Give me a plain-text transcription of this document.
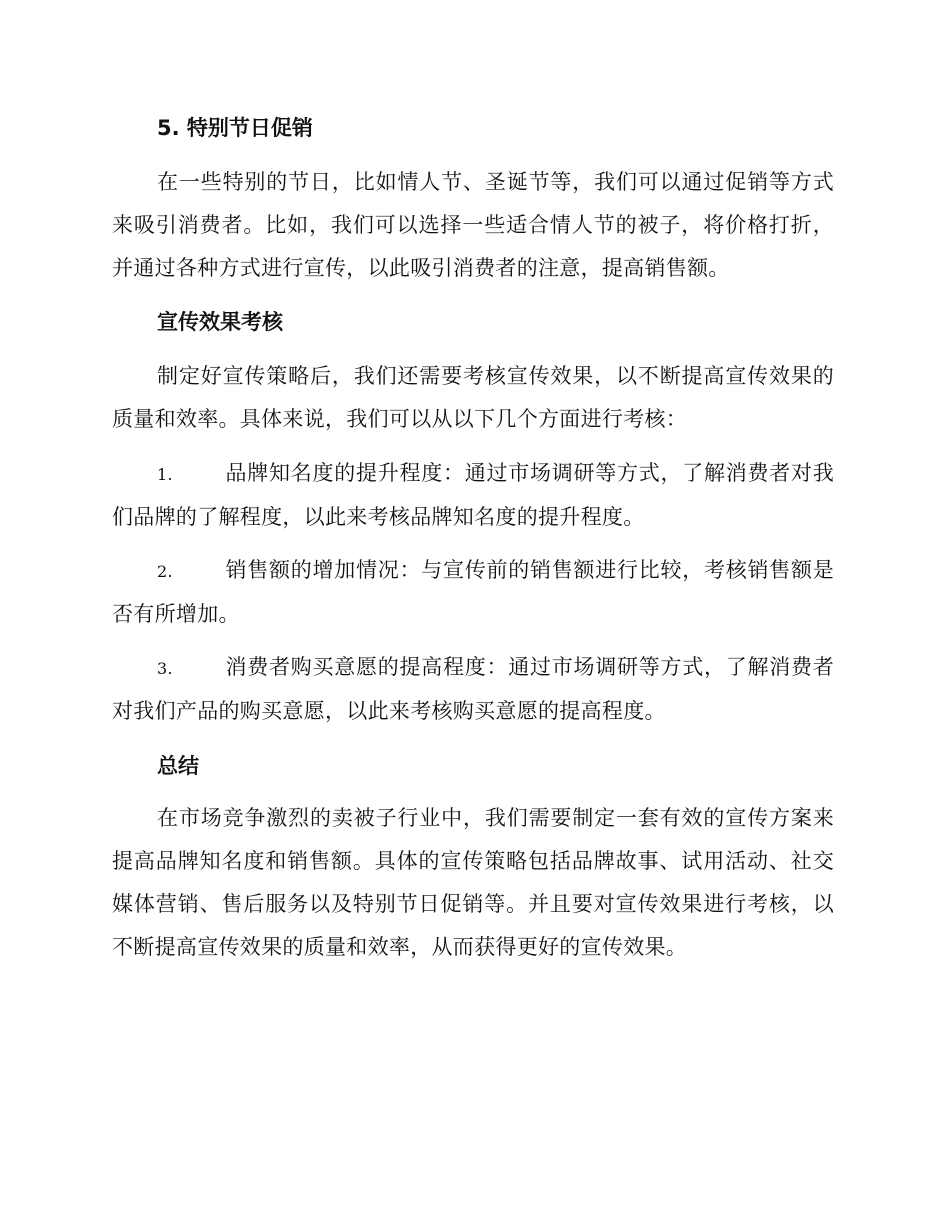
5. 特别节日促销

在一些特别的节日，比如情人节、圣诞节等，我们可以通过促销等方式来吸引消费者。比如，我们可以选择一些适合情人节的被子，将价格打折，并通过各种方式进行宣传，以此吸引消费者的注意，提高销售额。

宣传效果考核

制定好宣传策略后，我们还需要考核宣传效果，以不断提高宣传效果的质量和效率。具体来说，我们可以从以下几个方面进行考核：

1. 品牌知名度的提升程度：通过市场调研等方式，了解消费者对我们品牌的了解程度，以此来考核品牌知名度的提升程度。

2. 销售额的增加情况：与宣传前的销售额进行比较，考核销售额是否有所增加。

3. 消费者购买意愿的提高程度：通过市场调研等方式，了解消费者对我们产品的购买意愿，以此来考核购买意愿的提高程度。

总结

在市场竞争激烈的卖被子行业中，我们需要制定一套有效的宣传方案来提高品牌知名度和销售额。具体的宣传策略包括品牌故事、试用活动、社交媒体营销、售后服务以及特别节日促销等。并且要对宣传效果进行考核，以不断提高宣传效果的质量和效率，从而获得更好的宣传效果。
